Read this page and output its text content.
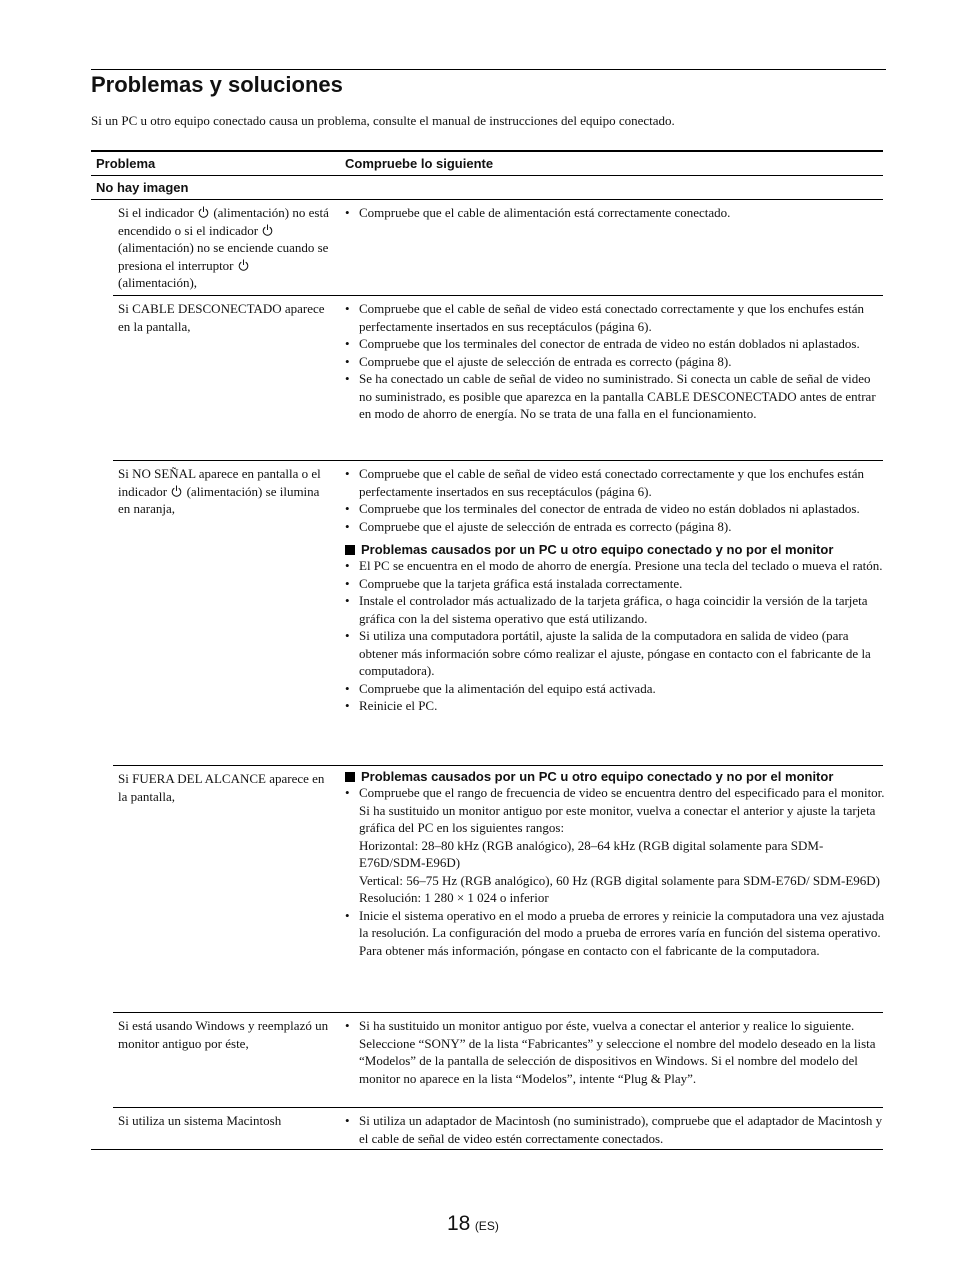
Problemas y soluciones

Si un PC u otro equipo conectado causa un problema, consulte el manual de instrucciones del equipo conectado.

Problema	Compruebe lo siguiente
No hay imagen
Si el indicador (alimentación) no está encendido o si el indicador
(alimentación) no se enciende cuando se presiona el interruptor
(alimentación),
• Compruebe que el cable de alimentación está correctamente conectado.
Si CABLE DESCONECTADO aparece en la pantalla,
• Compruebe que el cable de señal de video está conectado correctamente y que los enchufes están perfectamente insertados en sus receptáculos (página 6).
• Compruebe que los terminales del conector de entrada de video no están doblados ni aplastados.
• Compruebe que el ajuste de selección de entrada es correcto (página 8).
• Se ha conectado un cable de señal de video no suministrado. Si conecta un cable de señal de video no suministrado, es posible que aparezca en la pantalla CABLE DESCONECTADO antes de entrar en modo de ahorro de energía. No se trata de una falla en el funcionamiento.
Si NO SEÑAL aparece en pantalla o el indicador (alimentación) se ilumina en naranja,
• Compruebe que el cable de señal de video está conectado correctamente y que los enchufes están perfectamente insertados en sus receptáculos (página 6).
• Compruebe que los terminales del conector de entrada de video no están doblados ni aplastados.
• Compruebe que el ajuste de selección de entrada es correcto (página 8).
Problemas causados por un PC u otro equipo conectado y no por el monitor
• El PC se encuentra en el modo de ahorro de energía. Presione una tecla del teclado o mueva el ratón.
• Compruebe que la tarjeta gráfica está instalada correctamente.
• Instale el controlador más actualizado de la tarjeta gráfica, o haga coincidir la versión de la tarjeta gráfica con la del sistema operativo que está utilizando.
• Si utiliza una computadora portátil, ajuste la salida de la computadora en salida de video (para obtener más información sobre cómo realizar el ajuste, póngase en contacto con el fabricante de la computadora).
• Compruebe que la alimentación del equipo está activada.
• Reinicie el PC.
Si FUERA DEL ALCANCE aparece en la pantalla,
Problemas causados por un PC u otro equipo conectado y no por el monitor
• Compruebe que el rango de frecuencia de video se encuentra dentro del especificado para el monitor. Si ha sustituido un monitor antiguo por este monitor, vuelva a conectar el anterior y ajuste la tarjeta gráfica del PC en los siguientes rangos:
Horizontal: 28–80 kHz (RGB analógico), 28–64 kHz (RGB digital solamente para SDM-E76D/SDM-E96D)
Vertical: 56–75 Hz (RGB analógico), 60 Hz (RGB digital solamente para SDM-E76D/ SDM-E96D)
Resolución: 1 280 × 1 024 o inferior
• Inicie el sistema operativo en el modo a prueba de errores y reinicie la computadora una vez ajustada la resolución. La configuración del modo a prueba de errores varía en función del sistema operativo. Para obtener más información, póngase en contacto con el fabricante de la computadora.
Si está usando Windows y reemplazó un monitor antiguo por éste,
• Si ha sustituido un monitor antiguo por éste, vuelva a conectar el anterior y realice lo siguiente. Seleccione “SONY” de la lista “Fabricantes” y seleccione el nombre del modelo deseado en la lista “Modelos” de la pantalla de selección de dispositivos en Windows. Si el nombre del modelo del monitor no aparece en la lista “Modelos”, intente “Plug & Play”.
Si utiliza un sistema Macintosh
•	Si utiliza un adaptador de Macintosh (no suministrado), compruebe que el adaptador de Macintosh y el cable de señal de video estén correctamente conectados.
18 (ES)
